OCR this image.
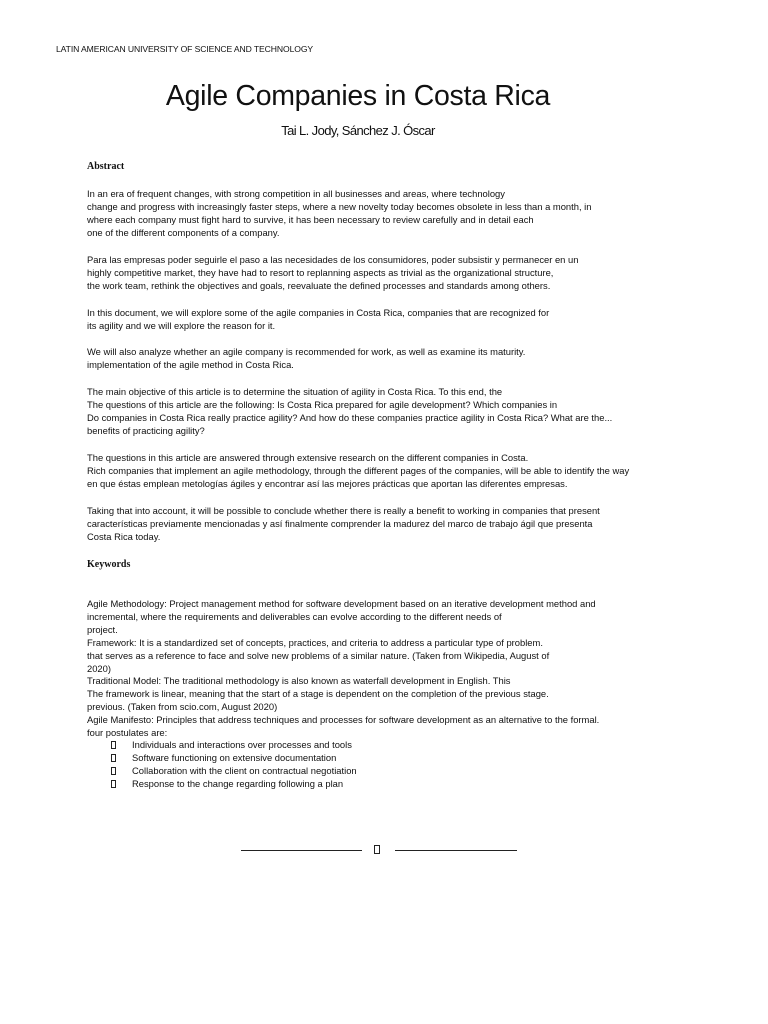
LATIN AMERICAN UNIVERSITY OF SCIENCE AND TECHNOLOGY
Agile Companies in Costa Rica
Tai L. Jody, Sánchez J. Óscar
Abstract

In an era of frequent changes, with strong competition in all businesses and areas, where technology
change and progress with increasingly faster steps, where a new novelty today becomes obsolete in less than a month, in
where each company must fight hard to survive, it has been necessary to review carefully and in detail each
one of the different components of a company.

Para las empresas poder seguirle el paso a las necesidades de los consumidores, poder subsistir y permanecer en un
highly competitive market, they have had to resort to replanning aspects as trivial as the organizational structure,
the work team, rethink the objectives and goals, reevaluate the defined processes and standards among others.

In this document, we will explore some of the agile companies in Costa Rica, companies that are recognized for
its agility and we will explore the reason for it.

We will also analyze whether an agile company is recommended for work, as well as examine its maturity.
implementation of the agile method in Costa Rica.

The main objective of this article is to determine the situation of agility in Costa Rica. To this end, the
The questions of this article are the following: Is Costa Rica prepared for agile development? Which companies in
Do companies in Costa Rica really practice agility? And how do these companies practice agility in Costa Rica? What are the...
benefits of practicing agility?

The questions in this article are answered through extensive research on the different companies in Costa.
Rich companies that implement an agile methodology, through the different pages of the companies, will be able to identify the way
en que éstas emplean metologías ágiles y encontrar así las mejores prácticas que aportan las diferentes empresas.

Taking that into account, it will be possible to conclude whether there is really a benefit to working in companies that present
características previamente mencionadas y así finalmente comprender la madurez del marco de trabajo ágil que presenta
Costa Rica today.

Keywords

Agile Methodology: Project management method for software development based on an iterative development method and
incremental, where the requirements and deliverables can evolve according to the different needs of
project.
Framework: It is a standardized set of concepts, practices, and criteria to address a particular type of problem.
that serves as a reference to face and solve new problems of a similar nature. (Taken from Wikipedia, August of
2020)
Traditional Model: The traditional methodology is also known as waterfall development in English. This
The framework is linear, meaning that the start of a stage is dependent on the completion of the previous stage.
previous. (Taken from scio.com, August 2020)
Agile Manifesto: Principles that address techniques and processes for software development as an alternative to the formal.
four postulates are:

Individuals and interactions over processes and tools
Software functioning on extensive documentation
Collaboration with the client on contractual negotiation
Response to the change regarding following a plan
